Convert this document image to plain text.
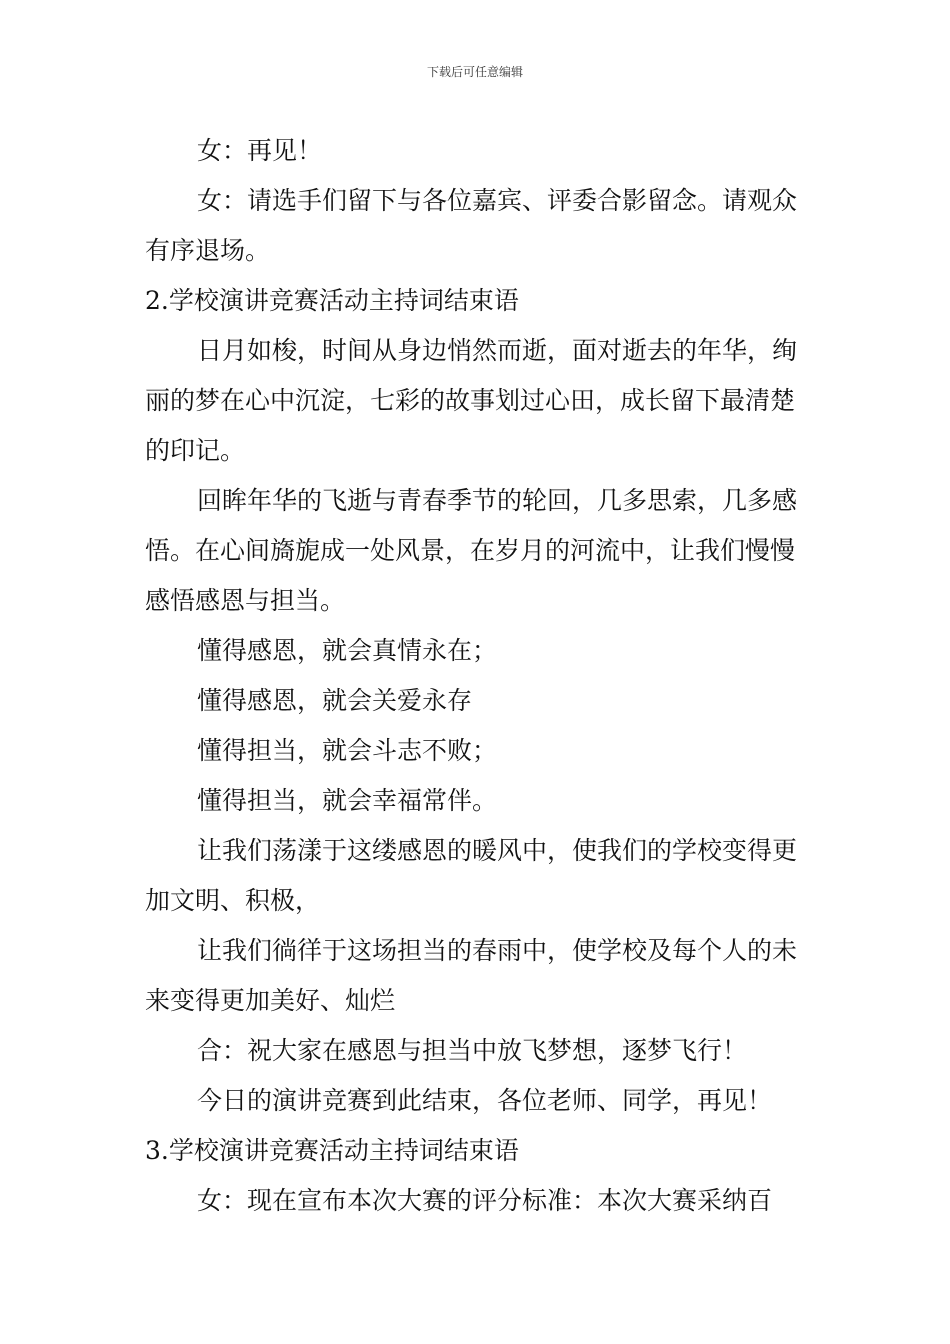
下载后可任意编辑

女：再见！

女：请选手们留下与各位嘉宾、评委合影留念。请观众有序退场。

2.学校演讲竞赛活动主持词结束语

日月如梭，时间从身边悄然而逝，面对逝去的年华，绚丽的梦在心中沉淀，七彩的故事划过心田，成长留下最清楚的印记。

回眸年华的飞逝与青春季节的轮回，几多思索，几多感悟。在心间旖旎成一处风景，在岁月的河流中，让我们慢慢感悟感恩与担当。

懂得感恩，就会真情永在；

懂得感恩，就会关爱永存

懂得担当，就会斗志不败；

懂得担当，就会幸福常伴。

让我们荡漾于这缕感恩的暖风中，使我们的学校变得更加文明、积极，

让我们徜徉于这场担当的春雨中，使学校及每个人的未来变得更加美好、灿烂

合：祝大家在感恩与担当中放飞梦想，逐梦飞行！

今日的演讲竞赛到此结束，各位老师、同学，再见！

3.学校演讲竞赛活动主持词结束语

女：现在宣布本次大赛的评分标准：本次大赛采纳百
